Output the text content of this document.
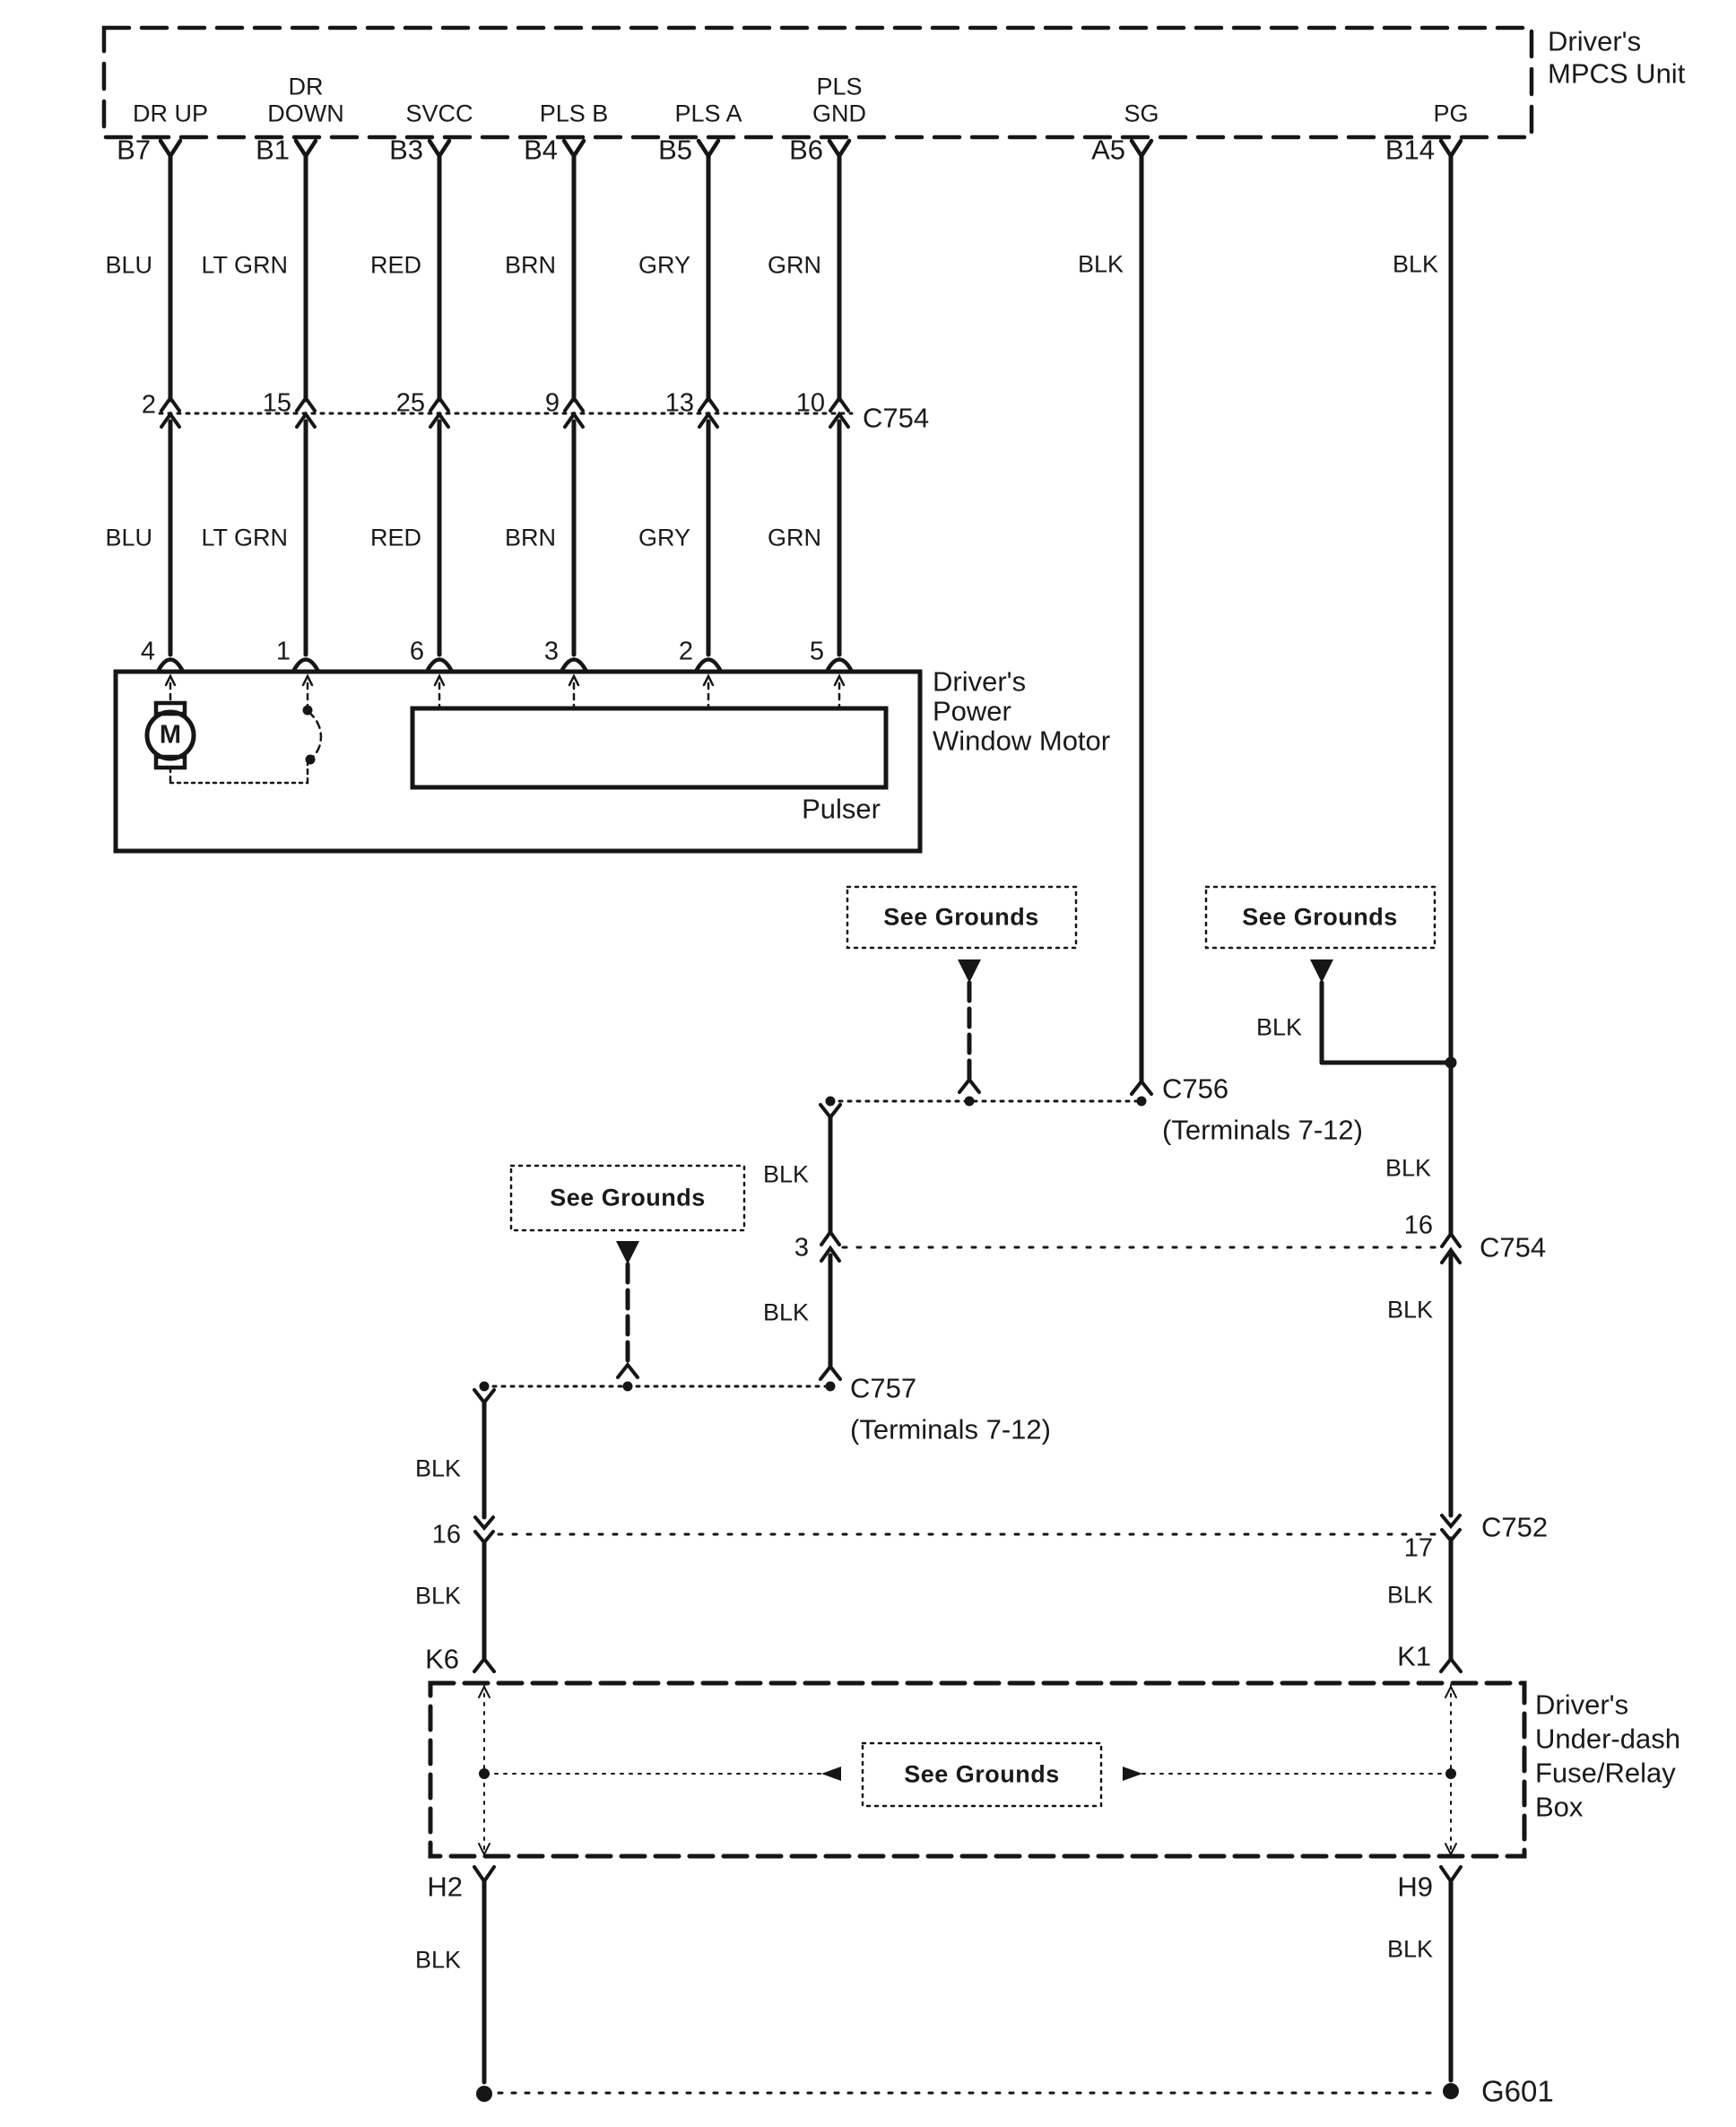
Driver's
MPCS Unit
DR UP
DR
DOWN	SVCC	PLS B	PLS A
PLS
GND	SG	PG
B7	B1	B3	B4	B5	B6	A5	B14
BLU LT GRN	RED	BRN	GRY	GRN	BLK	BLK
2	15	25	9	13	10 C754
BLU LT GRN	RED	BRN	GRY	GRN
4	1	6	3	2	5
M
Driver's
Power
Window Motor
Pulser
See Grounds
See Grounds	See Grounds
See Grounds
BLK
C756
(Terminals 7-12)
BLK
3
BLK
C757
(Terminals 7-12)
BLK
16
C754
BLK
17
C752
BLK
K1
BLK
16
BLK
K6
Driver's
Under-dash
Fuse/Relay
Box
H2
BLK
H9
BLK
G601
